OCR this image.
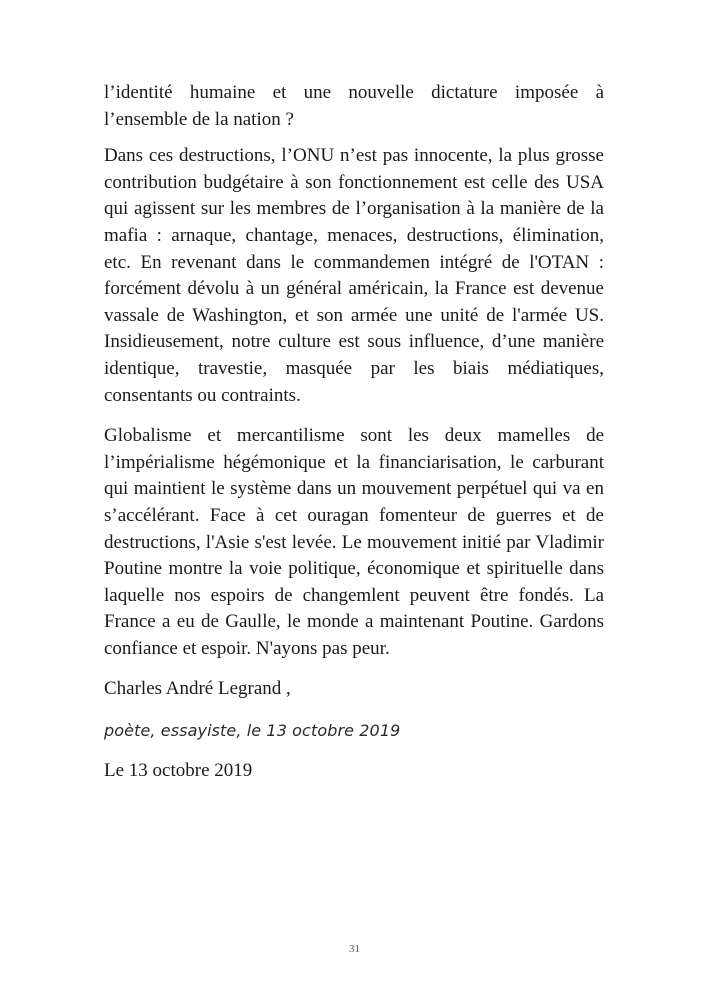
l’identité humaine et une nouvelle dictature imposée à l’ensemble de la nation ?

Dans ces destructions, l’ONU n’est pas innocente, la plus grosse contribution budgétaire à son fonctionnement est celle des USA qui agissent sur les membres de l’organisation à la manière de la mafia : arnaque, chantage, menaces, destructions, élimination, etc. En revenant dans le commandemen intégré de l'OTAN : forcément dévolu à un général américain, la France est devenue vassale de Washington, et son armée une unité de l'armée US. Insidieusement, notre culture est sous influence, d’une manière identique, travestie, masquée par les biais médiatiques, consentants ou contraints.

Globalisme et mercantilisme sont les deux mamelles de l’impérialisme hégémonique et la financiarisation, le carburant qui maintient le système dans un mouvement perpétuel qui va en s’accélérant. Face à cet ouragan fomenteur de guerres et de destructions, l'Asie s'est levée. Le mouvement initié par Vladimir Poutine montre la voie politique, économique et spirituelle dans laquelle nos espoirs de changemlent peuvent être fondés. La France a eu de Gaulle, le monde a maintenant Poutine. Gardons confiance et espoir. N'ayons pas peur.

Charles André Legrand ,

poète, essayiste, le 13 octobre 2019

Le 13 octobre 2019

31
